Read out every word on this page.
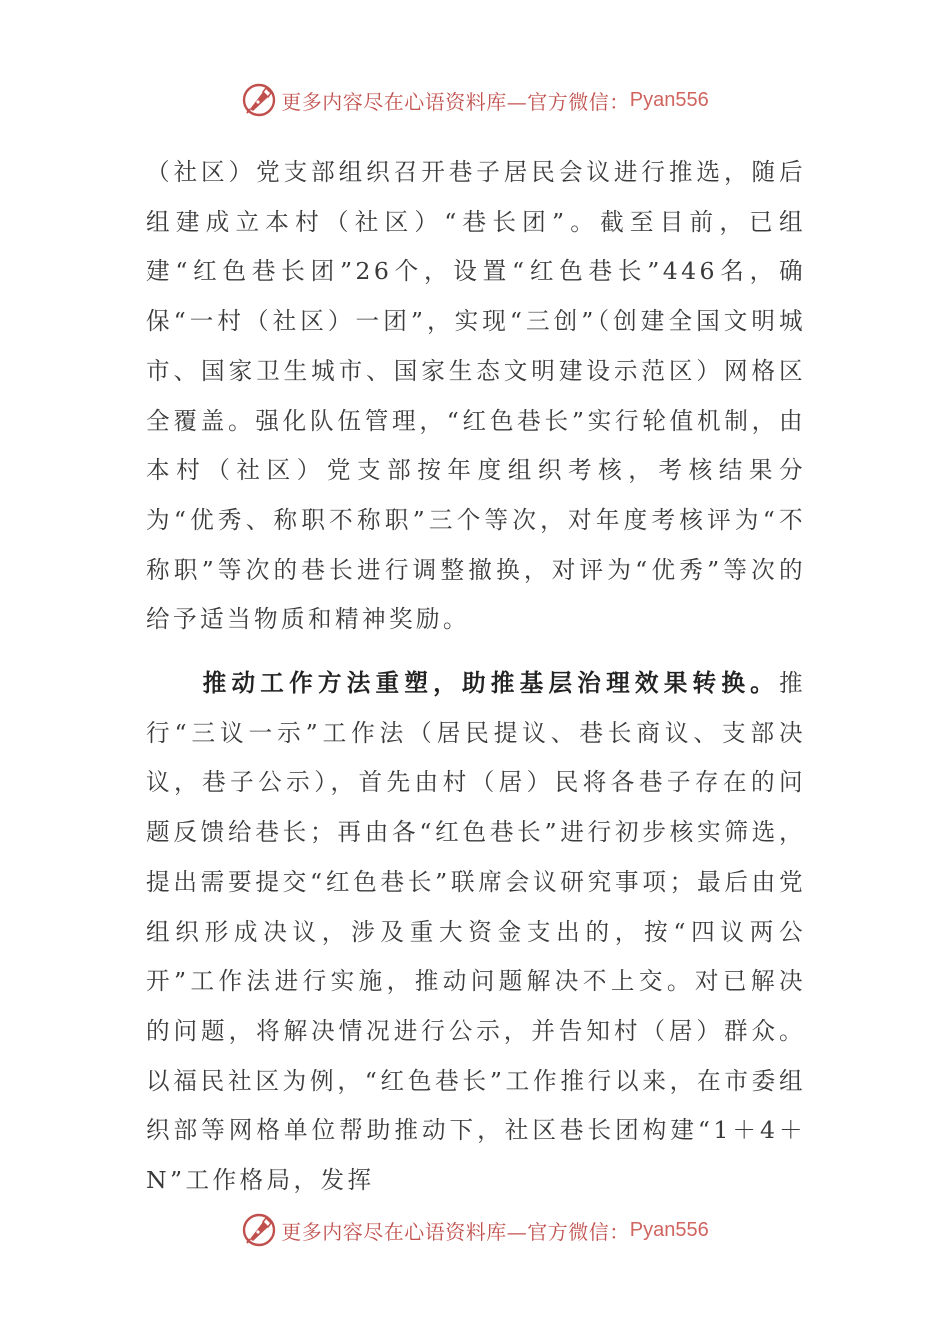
更多内容尽在心语资料库—官方微信： Pyan556

（社区）党支部组织召开巷子居民会议进行推选，随后组建成立本村（社区）“巷长团”。截至目前，已组建“红色巷长团”26个，设置“红色巷长”446名，确保“一村（社区）一团”，实现“三创”（创建全国文明城市、国家卫生城市、国家生态文明建设示范区）网格区全覆盖。强化队伍管理，“红色巷长”实行轮值机制，由本村（社区）党支部按年度组织考核，考核结果分为“优秀、称职不称职”三个等次，对年度考核评为“不称职”等次的巷长进行调整撤换，对评为“优秀”等次的给予适当物质和精神奖励。

推动工作方法重塑，助推基层治理效果转换。推行“三议一示”工作法（居民提议、巷长商议、支部决议，巷子公示），首先由村（居）民将各巷子存在的问题反馈给巷长；再由各“红色巷长”进行初步核实筛选，提出需要提交“红色巷长”联席会议研究事项；最后由党组织形成决议，涉及重大资金支出的，按“四议两公开”工作法进行实施，推动问题解决不上交。对已解决的问题，将解决情况进行公示，并告知村（居）群众。以福民社区为例，“红色巷长”工作推行以来，在市委组织部等网格单位帮助推动下，社区巷长团构建“1＋4＋N”工作格局，发挥

更多内容尽在心语资料库—官方微信： Pyan556
